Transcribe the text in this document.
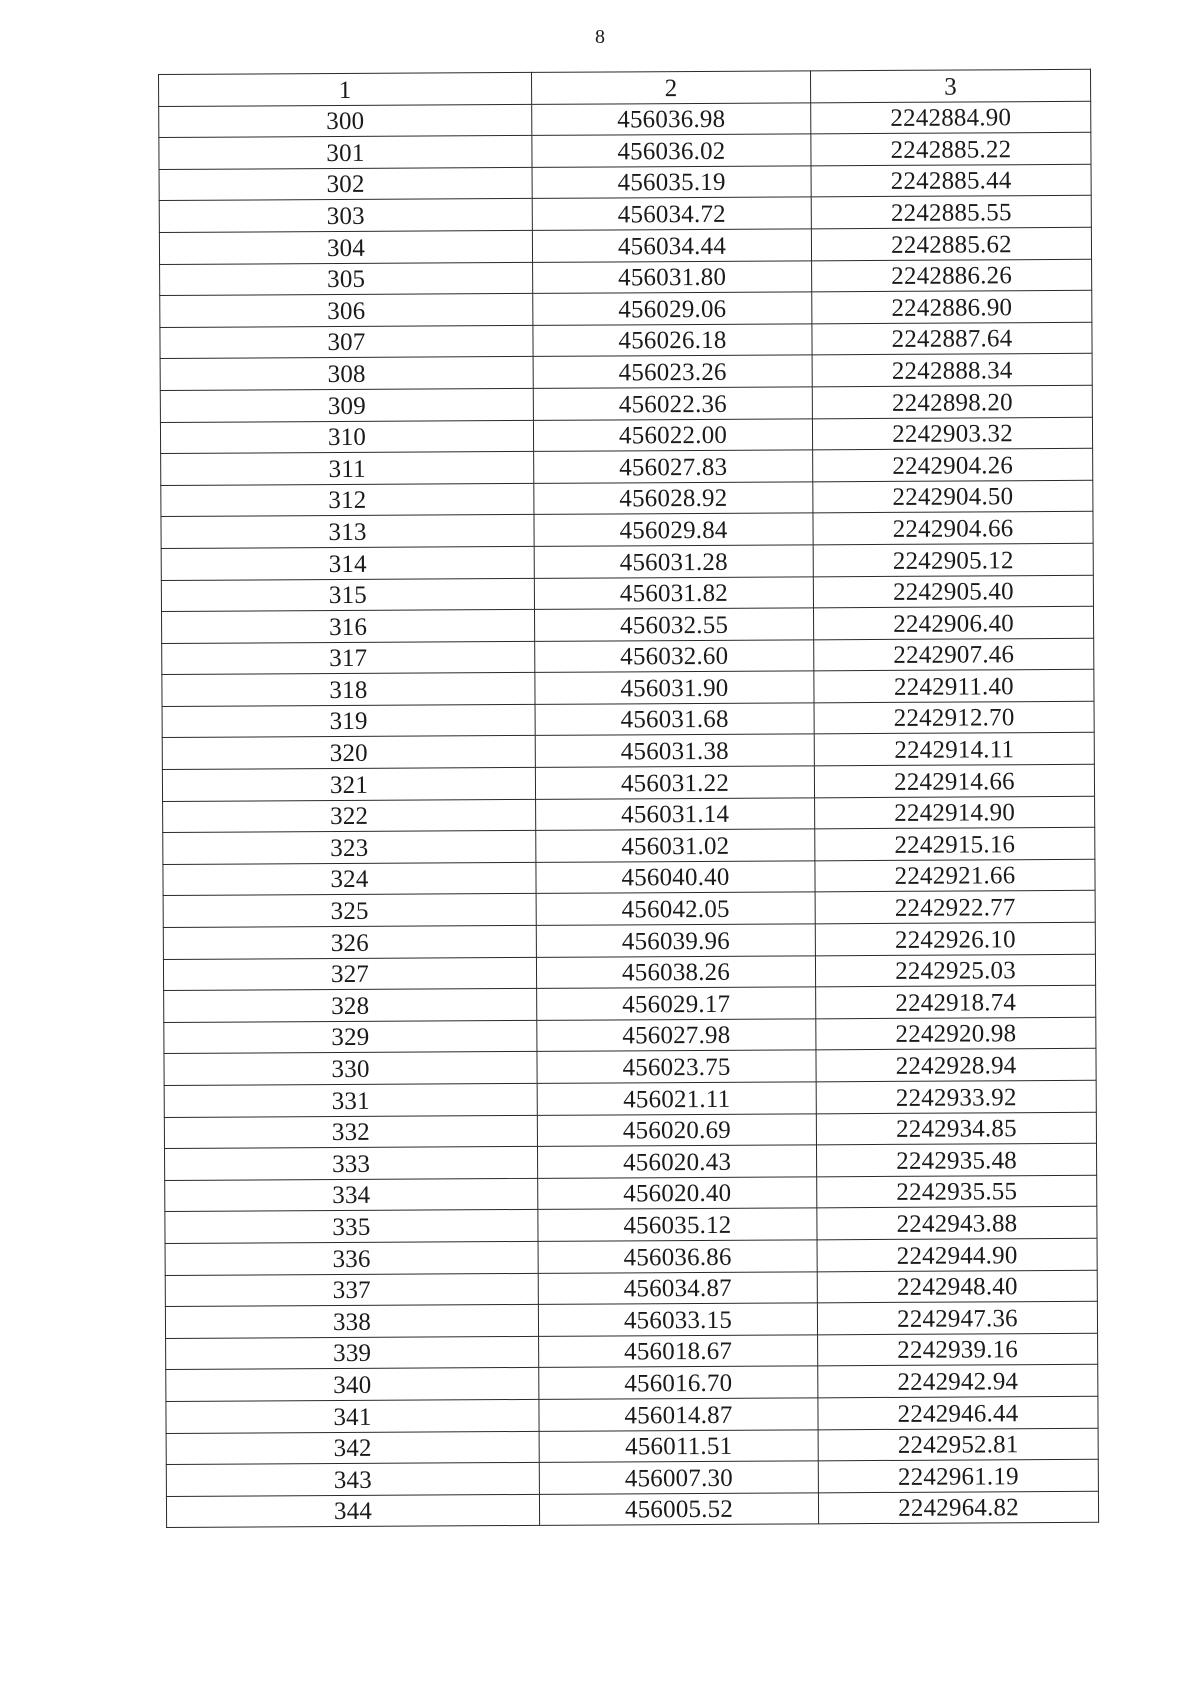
8
1	2	3
300	456036.98	2242884.90
301	456036.02	2242885.22
302	456035.19	2242885.44
303	456034.72	2242885.55
304	456034.44	2242885.62
305	456031.80	2242886.26
306	456029.06	2242886.90
307	456026.18	2242887.64
308	456023.26	2242888.34
309	456022.36	2242898.20
310	456022.00	2242903.32
311	456027.83	2242904.26
312	456028.92	2242904.50
313	456029.84	2242904.66
314	456031.28	2242905.12
315	456031.82	2242905.40
316	456032.55	2242906.40
317	456032.60	2242907.46
318	456031.90	2242911.40
319	456031.68	2242912.70
320	456031.38	2242914.11
321	456031.22	2242914.66
322	456031.14	2242914.90
323	456031.02	2242915.16
324	456040.40	2242921.66
325	456042.05	2242922.77
326	456039.96	2242926.10
327	456038.26	2242925.03
328	456029.17	2242918.74
329	456027.98	2242920.98
330	456023.75	2242928.94
331	456021.11	2242933.92
332	456020.69	2242934.85
333	456020.43	2242935.48
334	456020.40	2242935.55
335	456035.12	2242943.88
336	456036.86	2242944.90
337	456034.87	2242948.40
338	456033.15	2242947.36
339	456018.67	2242939.16
340	456016.70	2242942.94
341	456014.87	2242946.44
342	456011.51	2242952.81
343	456007.30	2242961.19
344	456005.52	2242964.82
